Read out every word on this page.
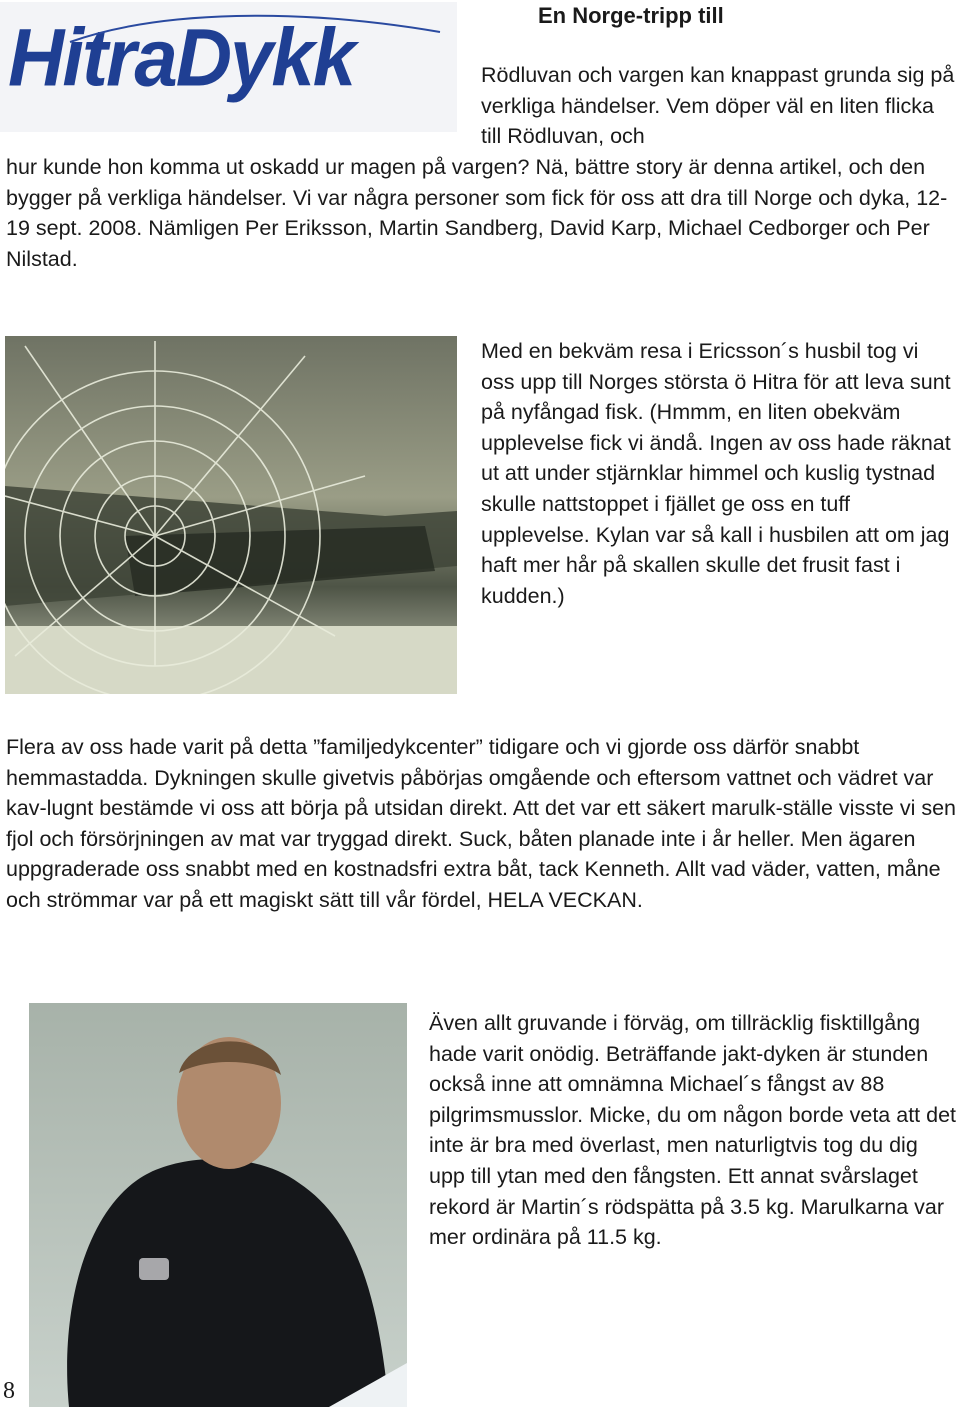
En Norge-tripp till
HitraDykk	Rödluvan och vargen kan knappast grunda sig på verkliga händelser. Vem döper väl en liten flicka till Rödluvan, och
hur kunde hon komma ut oskadd ur magen på vargen? Nä, bättre story är denna artikel, och den bygger på verkliga händelser. Vi var några personer som fick för oss att dra till Norge och dyka, 12-19 sept. 2008. Nämligen Per Eriksson, Martin Sandberg, David Karp, Michael Cedborger och Per Nilstad.
Med en bekväm resa i Ericsson´s husbil tog vi oss upp till Norges största ö Hitra för att leva sunt på nyfångad fisk. (Hmmm, en liten obekväm upplevelse fick vi ändå. Ingen av oss hade räknat ut att under stjärnklar himmel och kuslig tystnad skulle nattstoppet i fjället ge oss en tuff upplevelse. Kylan var så kall i husbilen att om jag haft mer hår på skallen skulle det frusit fast i kudden.)
Flera av oss hade varit på detta ”familjedykcenter” tidigare och vi gjorde oss därför snabbt hemmastadda. Dykningen skulle givetvis påbörjas omgående och eftersom vattnet och vädret var kav-lugnt bestämde vi oss att börja på utsidan direkt. Att det var ett säkert marulk-ställe visste vi sen fjol och försörjningen av mat var tryggad direkt. Suck, båten planade inte i år heller. Men ägaren uppgraderade oss snabbt med en kostnadsfri extra båt, tack Kenneth. Allt vad väder, vatten, måne och strömmar var på ett magiskt sätt till vår fördel, HELA VECKAN.
Även allt gruvande i förväg, om tillräcklig fisktillgång hade varit onödig. Beträffande jakt-dyken är stunden också inne att omnämna Michael´s fångst av 88 pilgrimsmusslor. Micke, du om någon borde veta att det inte är bra med överlast, men naturligtvis tog du dig upp till ytan med den fångsten. Ett annat svårslaget rekord är Martin´s rödspätta på 3.5 kg. Marulkarna var mer ordinära på 11.5 kg.
8
